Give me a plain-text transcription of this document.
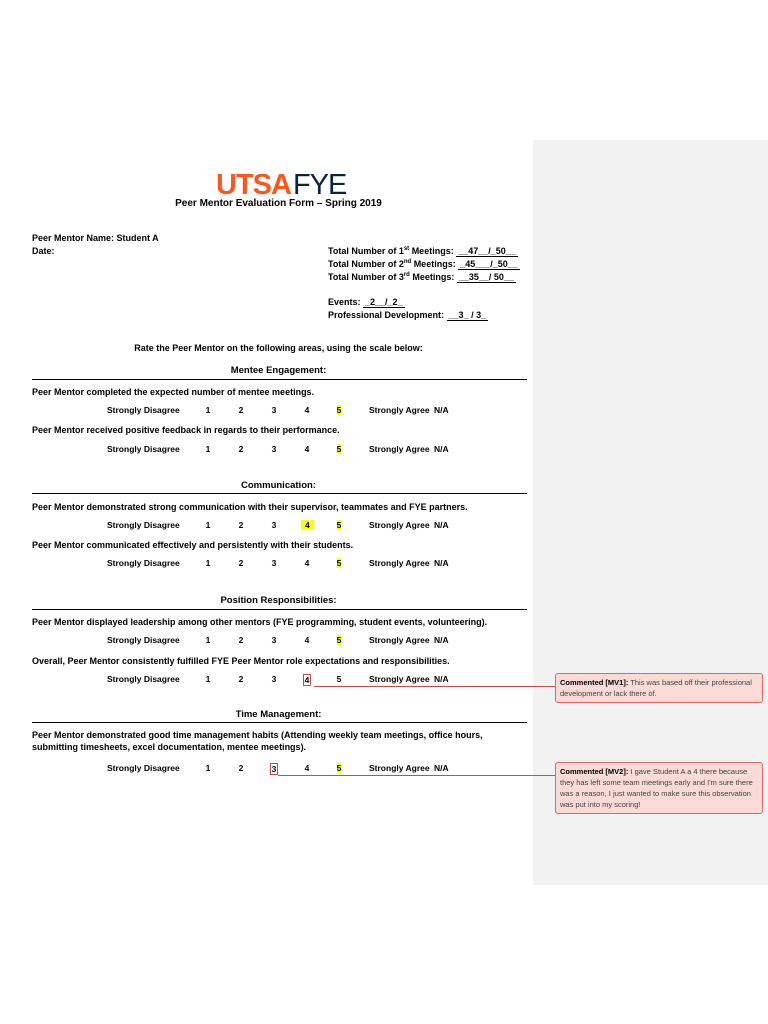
UTSAFYE
Peer Mentor Evaluation Form – Spring 2019
Peer Mentor Name: Student A
Date:	Total Number of 1st Meetings: __47__/_50__
Total Number of 2nd Meetings: _45___/_50__
Total Number of 3rd Meetings: __35__/ 50__
Events: _2__/_2_
Professional Development: __3_ / 3_
Rate the Peer Mentor on the following areas, using the scale below:
Mentee Engagement:
Peer Mentor completed the expected number of mentee meetings.
Strongly Disagree	1	2	3	4	5	Strongly Agree N/A
Peer Mentor received positive feedback in regards to their performance.
Strongly Disagree	1	2	3	4	5	Strongly Agree N/A
Communication:
Peer Mentor demonstrated strong communication with their supervisor, teammates and FYE partners.
Strongly Disagree	1	2	3	4	5	Strongly Agree N/A
Peer Mentor communicated effectively and persistently with their students.
Strongly Disagree	1	2	3	4	5	Strongly Agree N/A
Position Responsibilities:
Peer Mentor displayed leadership among other mentors (FYE programming, student events, volunteering).
Strongly Disagree	1	2	3	4	5	Strongly Agree N/A
Overall, Peer Mentor consistently fulfilled FYE Peer Mentor role expectations and responsibilities.
Strongly Disagree	1	2	3	4	5	Strongly Agree N/A
Time Management:
Peer Mentor demonstrated good time management habits (Attending weekly team meetings, office hours, submitting timesheets, excel documentation, mentee meetings).
Strongly Disagree	1	2	3	4	5	Strongly Agree N/A
Commented [MV1]: This was based off their professional development or lack there of.
Commented [MV2]: I gave Student A a 4 there because they has left some team meetings early and I'm sure there was a reason, I just wanted to make sure this observation was put into my scoring!
